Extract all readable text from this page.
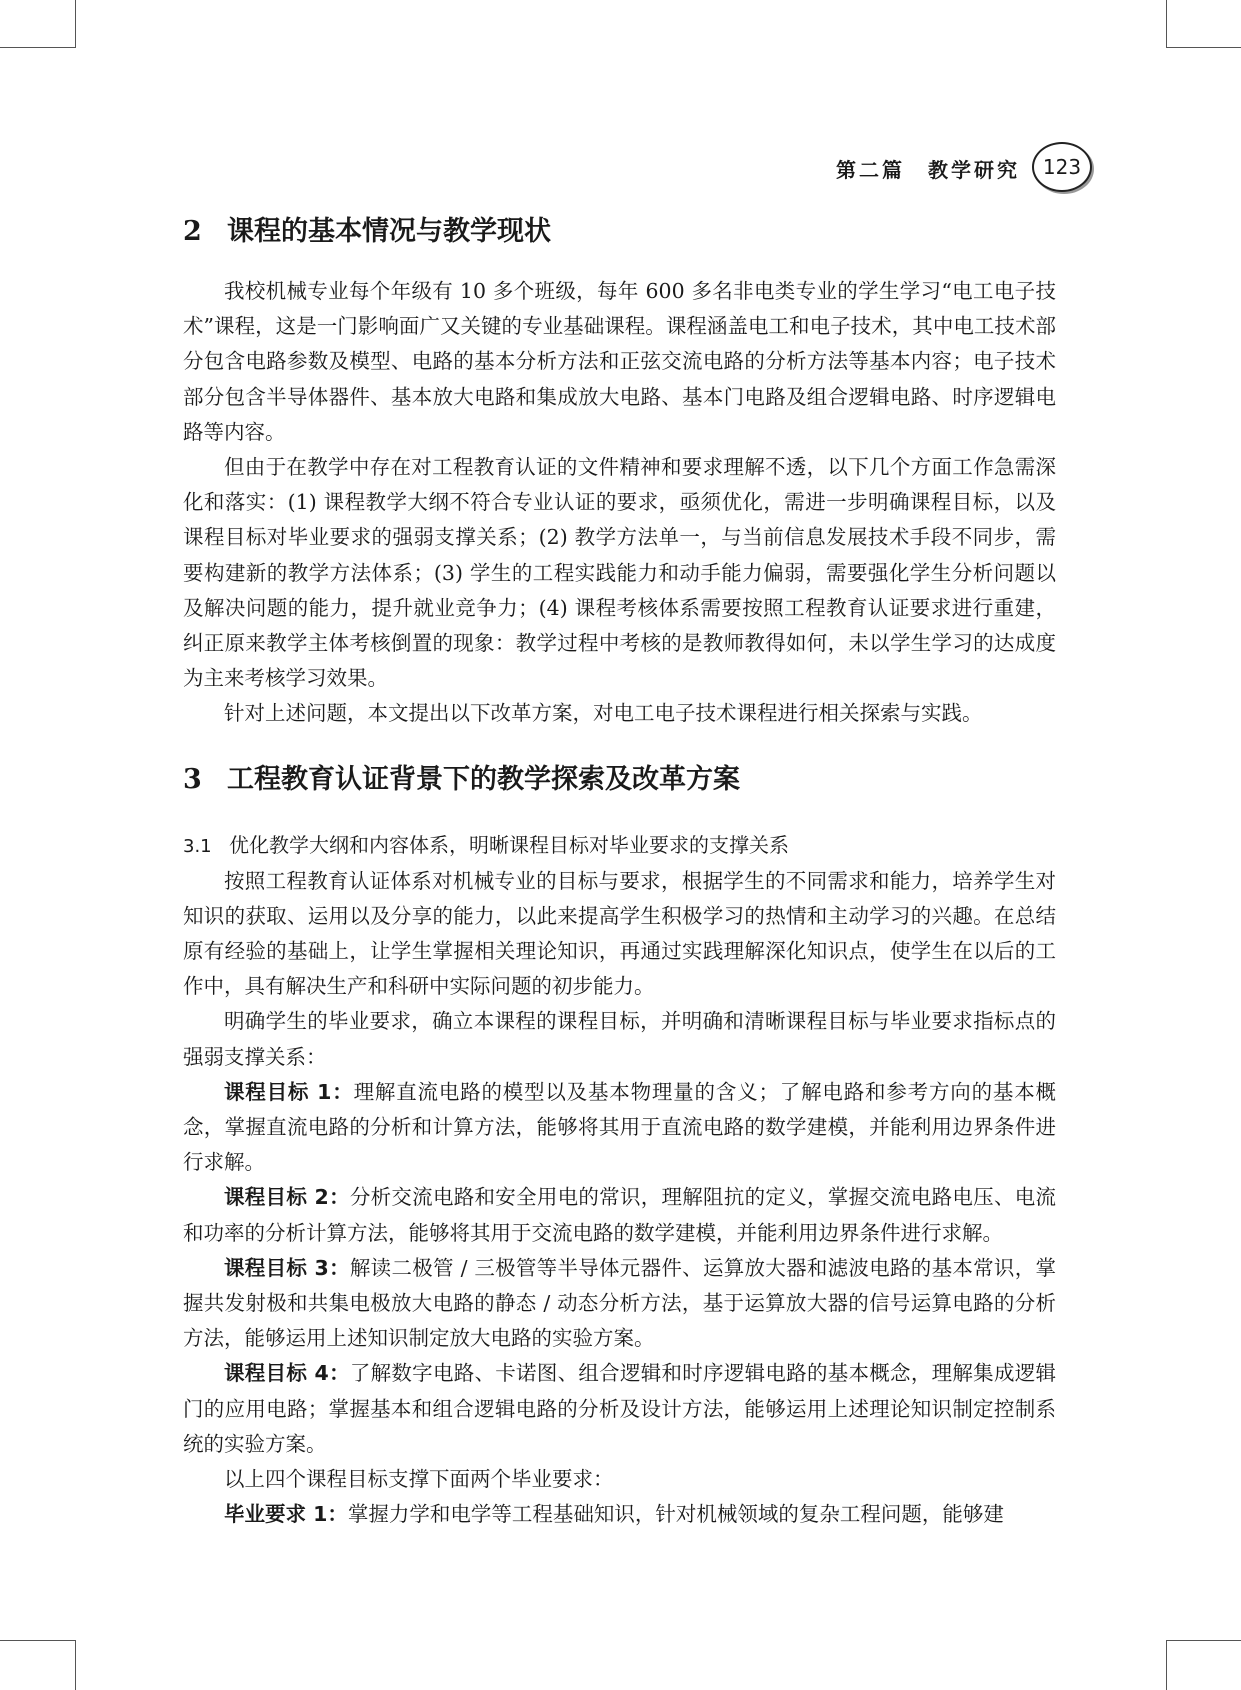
第二篇　教学研究	123
2 课程的基本情况与教学现状

我校机械专业每个年级有 10 多个班级，每年 600 多名非电类专业的学生学习“电工电子技术”课程，这是一门影响面广又关键的专业基础课程。课程涵盖电工和电子技术，其中电工技术部分包含电路参数及模型、电路的基本分析方法和正弦交流电路的分析方法等基本内容；电子技术部分包含半导体器件、基本放大电路和集成放大电路、基本门电路及组合逻辑电路、时序逻辑电路等内容。

但由于在教学中存在对工程教育认证的文件精神和要求理解不透，以下几个方面工作急需深化和落实：(1) 课程教学大纲不符合专业认证的要求，亟须优化，需进一步明确课程目标，以及课程目标对毕业要求的强弱支撑关系；(2) 教学方法单一，与当前信息发展技术手段不同步，需要构建新的教学方法体系；(3) 学生的工程实践能力和动手能力偏弱，需要强化学生分析问题以及解决问题的能力，提升就业竞争力；(4) 课程考核体系需要按照工程教育认证要求进行重建，纠正原来教学主体考核倒置的现象：教学过程中考核的是教师教得如何，未以学生学习的达成度为主来考核学习效果。

针对上述问题，本文提出以下改革方案，对电工电子技术课程进行相关探索与实践。

3 工程教育认证背景下的教学探索及改革方案
3.1 优化教学大纲和内容体系，明晰课程目标对毕业要求的支撑关系

按照工程教育认证体系对机械专业的目标与要求，根据学生的不同需求和能力，培养学生对知识的获取、运用以及分享的能力，以此来提高学生积极学习的热情和主动学习的兴趣。在总结原有经验的基础上，让学生掌握相关理论知识，再通过实践理解深化知识点，使学生在以后的工作中，具有解决生产和科研中实际问题的初步能力。

明确学生的毕业要求，确立本课程的课程目标，并明确和清晰课程目标与毕业要求指标点的强弱支撑关系：

课程目标 1：理解直流电路的模型以及基本物理量的含义；了解电路和参考方向的基本概念，掌握直流电路的分析和计算方法，能够将其用于直流电路的数学建模，并能利用边界条件进行求解。

课程目标 2：分析交流电路和安全用电的常识，理解阻抗的定义，掌握交流电路电压、电流和功率的分析计算方法，能够将其用于交流电路的数学建模，并能利用边界条件进行求解。

课程目标 3：解读二极管 / 三极管等半导体元器件、运算放大器和滤波电路的基本常识，掌握共发射极和共集电极放大电路的静态 / 动态分析方法，基于运算放大器的信号运算电路的分析方法，能够运用上述知识制定放大电路的实验方案。

课程目标 4：了解数字电路、卡诺图、组合逻辑和时序逻辑电路的基本概念，理解集成逻辑门的应用电路；掌握基本和组合逻辑电路的分析及设计方法，能够运用上述理论知识制定控制系统的实验方案。

以上四个课程目标支撑下面两个毕业要求：

毕业要求 1：掌握力学和电学等工程基础知识，针对机械领域的复杂工程问题，能够建
